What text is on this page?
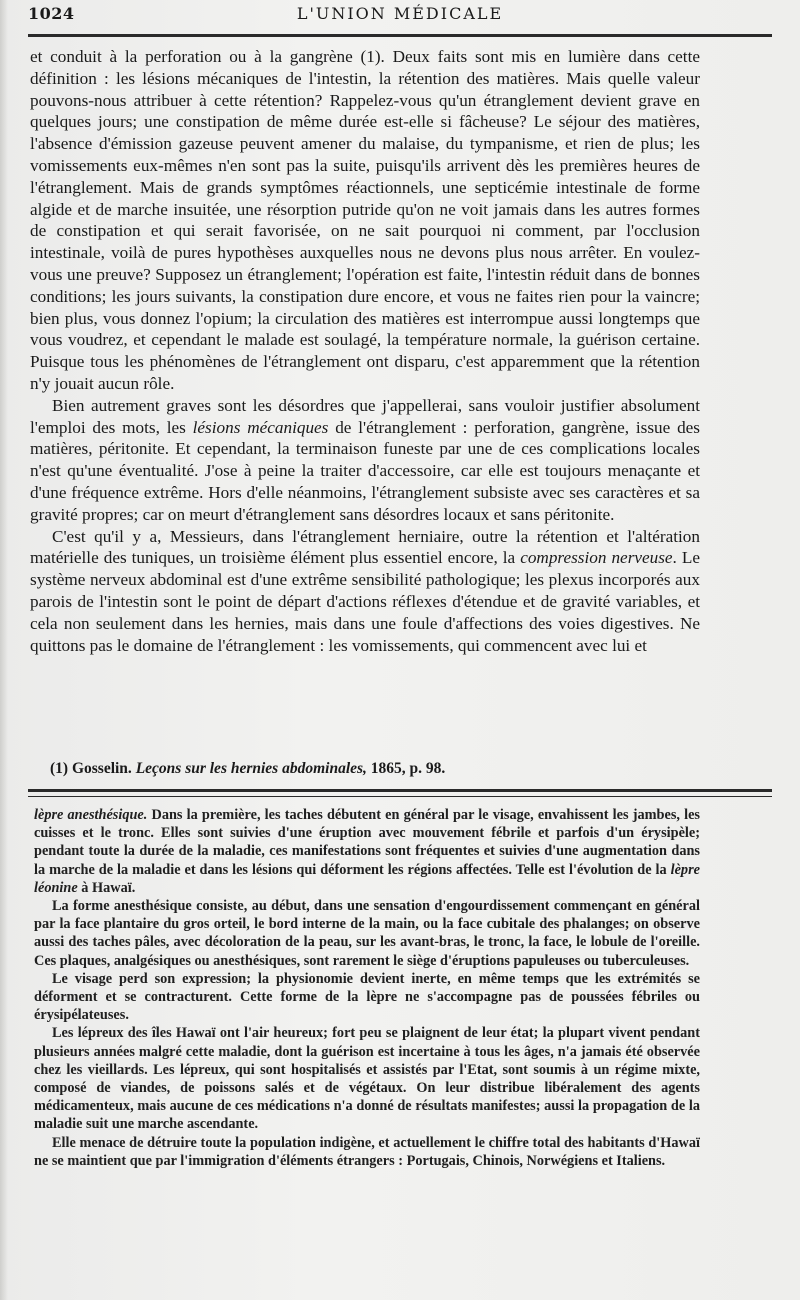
1024	L'UNION MÉDICALE

et conduit à la perforation ou à la gangrène (1). Deux faits sont mis en lumière dans cette définition : les lésions mécaniques de l'intestin, la rétention des matières. Mais quelle valeur pouvons-nous attribuer à cette rétention? Rappelez-vous qu'un étranglement devient grave en quelques jours; une constipation de même durée est-elle si fâcheuse? Le séjour des matières, l'absence d'émission gazeuse peuvent amener du malaise, du tympanisme, et rien de plus; les vomissements eux-mêmes n'en sont pas la suite, puisqu'ils arrivent dès les premières heures de l'étranglement. Mais de grands symptômes réactionnels, une septicémie intestinale de forme algide et de marche insuitée, une résorption putride qu'on ne voit jamais dans les autres formes de constipation et qui serait favorisée, on ne sait pourquoi ni comment, par l'occlusion intestinale, voilà de pures hypothèses auxquelles nous ne devons plus nous arrêter. En voulez-vous une preuve? Supposez un étranglement; l'opération est faite, l'intestin réduit dans de bonnes conditions; les jours suivants, la constipation dure encore, et vous ne faites rien pour la vaincre; bien plus, vous donnez l'opium; la circulation des matières est interrompue aussi longtemps que vous voudrez, et cependant le malade est soulagé, la température normale, la guérison certaine. Puisque tous les phénomènes de l'étranglement ont disparu, c'est apparemment que la rétention n'y jouait aucun rôle.

Bien autrement graves sont les désordres que j'appellerai, sans vouloir justifier absolument l'emploi des mots, les lésions mécaniques de l'étranglement : perforation, gangrène, issue des matières, péritonite. Et cependant, la terminaison funeste par une de ces complications locales n'est qu'une éventualité. J'ose à peine la traiter d'accessoire, car elle est toujours menaçante et d'une fréquence extrême. Hors d'elle néanmoins, l'étranglement subsiste avec ses caractères et sa gravité propres; car on meurt d'étranglement sans désordres locaux et sans péritonite.

C'est qu'il y a, Messieurs, dans l'étranglement herniaire, outre la rétention et l'altération matérielle des tuniques, un troisième élément plus essentiel encore, la compression nerveuse. Le système nerveux abdominal est d'une extrême sensibilité pathologique; les plexus incorporés aux parois de l'intestin sont le point de départ d'actions réflexes d'étendue et de gravité variables, et cela non seulement dans les hernies, mais dans une foule d'affections des voies digestives. Ne quittons pas le domaine de l'étranglement : les vomissements, qui commencent avec lui et

(1) Gosselin. Leçons sur les hernies abdominales, 1865, p. 98.

lèpre anesthésique. Dans la première, les taches débutent en général par le visage, envahissent les jambes, les cuisses et le tronc. Elles sont suivies d'une éruption avec mouvement fébrile et parfois d'un érysipèle; pendant toute la durée de la maladie, ces manifestations sont fréquentes et suivies d'une augmentation dans la marche de la maladie et dans les lésions qui déforment les régions affectées. Telle est l'évolution de la lèpre léonine à Hawaï.

La forme anesthésique consiste, au début, dans une sensation d'engourdissement commençant en général par la face plantaire du gros orteil, le bord interne de la main, ou la face cubitale des phalanges; on observe aussi des taches pâles, avec décoloration de la peau, sur les avant-bras, le tronc, la face, le lobule de l'oreille. Ces plaques, analgésiques ou anesthésiques, sont rarement le siège d'éruptions papuleuses ou tuberculeuses.

Le visage perd son expression; la physionomie devient inerte, en même temps que les extrémités se déforment et se contracturent. Cette forme de la lèpre ne s'accompagne pas de poussées fébriles ou érysipélateuses.

Les lépreux des îles Hawaï ont l'air heureux; fort peu se plaignent de leur état; la plupart vivent pendant plusieurs années malgré cette maladie, dont la guérison est incertaine à tous les âges, n'a jamais été observée chez les vieillards. Les lépreux, qui sont hospitalisés et assistés par l'Etat, sont soumis à un régime mixte, composé de viandes, de poissons salés et de végétaux. On leur distribue libéralement des agents médicamenteux, mais aucune de ces médications n'a donné de résultats manifestes; aussi la propagation de la maladie suit une marche ascendante.

Elle menace de détruire toute la population indigène, et actuellement le chiffre total des habitants d'Hawaï ne se maintient que par l'immigration d'éléments étrangers : Portugais, Chinois, Norwégiens et Italiens.
